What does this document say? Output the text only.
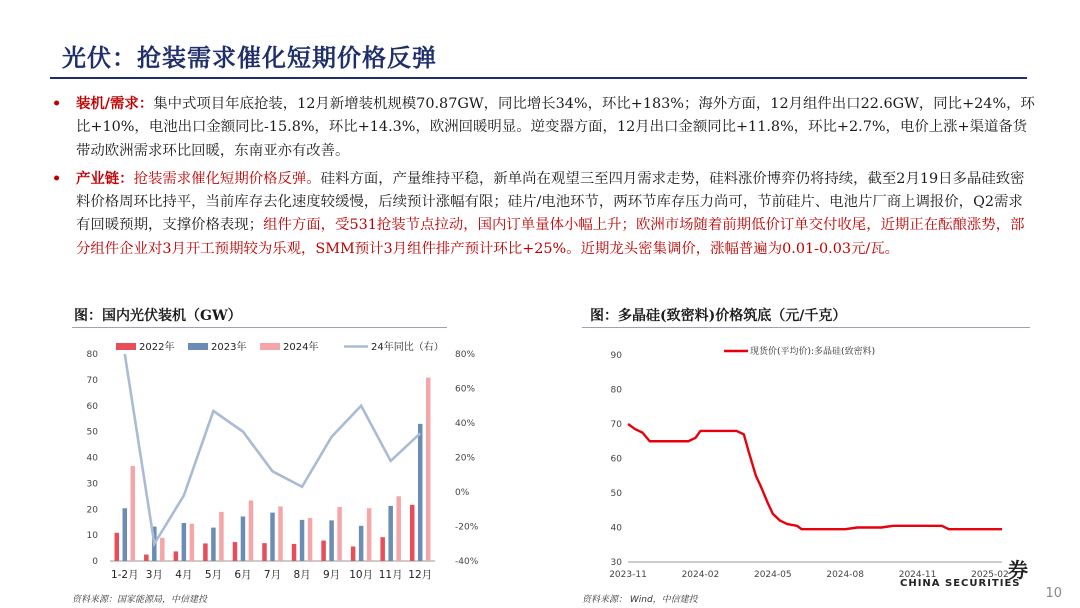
光伏：抢装需求催化短期价格反弹
• 装机/需求：集中式项目年底抢装，12月新增装机规模70.87GW，同比增长34%，环比+183%；海外方面，12月组件出口22.6GW，同比+24%，环比+10%，电池出口金额同比-15.8%，环比+14.3%，欧洲回暖明显。逆变器方面，12月出口金额同比+11.8%，环比+2.7%，电价上涨+渠道备货带动欧洲需求环比回暖，东南亚亦有改善。
• 产业链：抢装需求催化短期价格反弹。硅料方面，产量维持平稳，新单尚在观望三至四月需求走势，硅料涨价博弈仍将持续，截至2月19日多晶硅致密料价格周环比持平，当前库存去化速度较缓慢，后续预计涨幅有限；硅片/电池环节，两环节库存压力尚可，节前硅片、电池片厂商上调报价，Q2需求有回暖预期，支撑价格表现；组件方面，受531抢装节点拉动，国内订单量体小幅上升；欧洲市场随着前期低价订单交付收尾，近期正在酝酿涨势，部分组件企业对3月开工预期较为乐观，SMM预计3月组件排产预计环比+25%。近期龙头密集调价，涨幅普遍为0.01-0.03元/瓦。
图：国内光伏装机（GW）	图：多晶硅(致密料)价格筑底（元/千克）
0
10
20
30
40
50
60
70
80
-40%
-20%
0%
20%
40%
60%
80%
1-2月 3月 4月 5月 6月 7月 8月 9月 10月 11月 12月
2022年	2023年	2024年	24年同比（右）
30
40
50
60
70
80
90
2023-11	2024-02	2024-05	2024-08	2024-11	2025-02
现货价(平均价):多晶硅(致密料)
资料来源：国家能源局，中信建投	资料来源： Wind，中信建投
券
CHINA SECURITIES
10
